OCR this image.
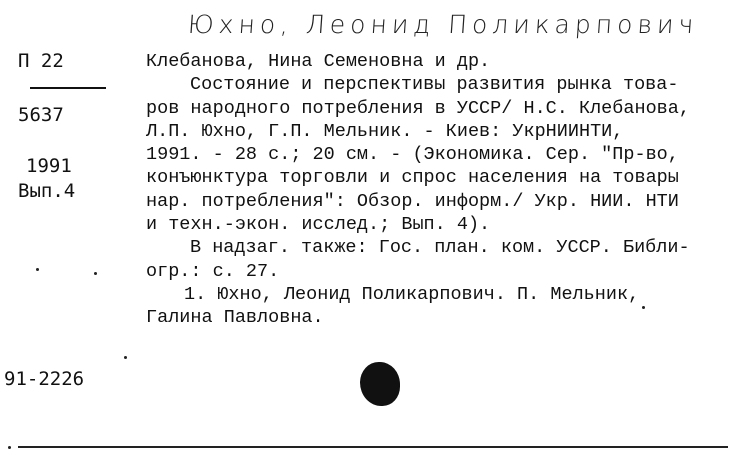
Юхно, Леонид Поликарпович
П 22
5637
1991
Вып.4
91-2226
Клебанова, Нина Семеновна и др.
Состояние и перспективы развития рынка това-
ров народного потребления в УССР/ Н.С. Клебанова,
Л.П. Юхно, Г.П. Мельник. - Киев: УкрНИИНТИ,
1991. - 28 с.; 20 см. - (Экономика. Сер. "Пр-во,
конъюнктура торговли и спрос населения на товары
нар. потребления": Обзор. информ./ Укр. НИИ. НТИ
и техн.-экон. исслед.; Вып. 4).
В надзаг. также: Гос. план. ком. УССР. Библи-
огр.: с. 27.
1. Юхно, Леонид Поликарпович. П. Мельник,
Галина Павловна.
